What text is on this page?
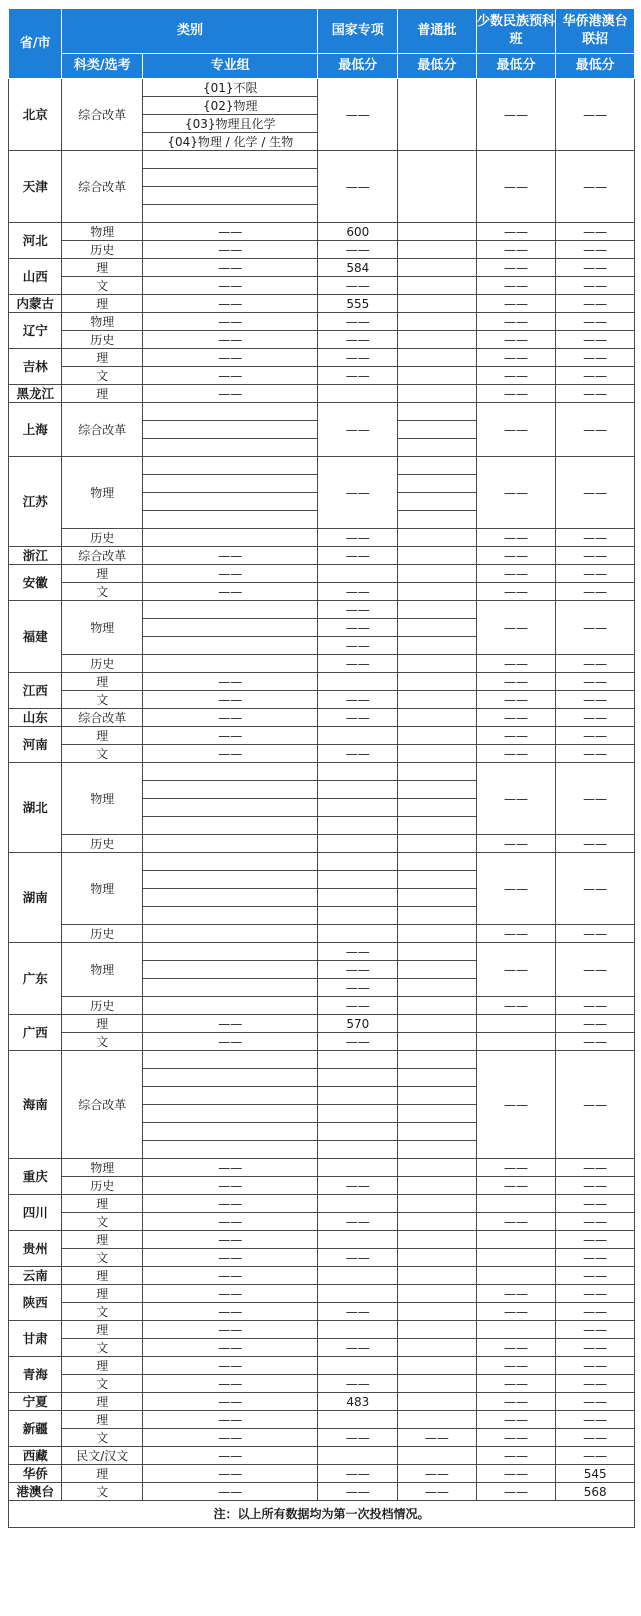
省/市	类别		国家专项	普通批	少数民族预科班	华侨港澳台联招
	科类/选考	专业组	最低分	最低分	最低分	最低分
北京	综合改革	{01}不限	——		——	——
		{02}物理				
		{03}物理且化学				
		{04}物理 / 化学 / 生物				
天津	综合改革		——		——	——

河北	物理	——	600		——	——
	历史	——	——		——	——
山西	理	——	584		——	——
	文	——	——		——	——
内蒙古	理	——	555		——	——
辽宁	物理	——	——		——	——
	历史	——	——		——	——
吉林	理	——	——		——	——
	文	——	——		——	——
黑龙江	理	——			——	——
上海	综合改革		——		——	——

江苏	物理		——		——	——

	历史		——		——	——
浙江	综合改革	——	——		——	——
安徽	理	——			——	——
	文	——	——		——	——
福建	物理		——		——	——
			——			
			——			
	历史		——		——	——
江西	理	——			——	——
	文	——	——		——	——
山东	综合改革	——	——		——	——
河南	理	——			——	——
	文	——	——		——	——
湖北	物理				——	——

	历史				——	——
湖南	物理				——	——

	历史				——	——
广东	物理		——		——	——
			——			
			——			
	历史		——		——	——
广西	理	——	570			——
	文	——	——			——
海南	综合改革				——	——

重庆	物理	——			——	——
	历史	——	——		——	——
四川	理	——				——
	文	——	——		——	——
贵州	理	——				——
	文	——	——			——
云南	理	——				——
陕西	理	——			——	——
	文	——	——		——	——
甘肃	理	——				——
	文	——	——		——	——
青海	理	——			——	——
	文	——	——		——	——
宁夏	理	——	483		——	——
新疆	理	——			——	——
	文	——	——	——	——	——
西藏	民文/汉文	——			——	——
华侨	理	——	——	——	——	545
港澳台	文	——	——	——	——	568
注：以上所有数据均为第一次投档情况。						
